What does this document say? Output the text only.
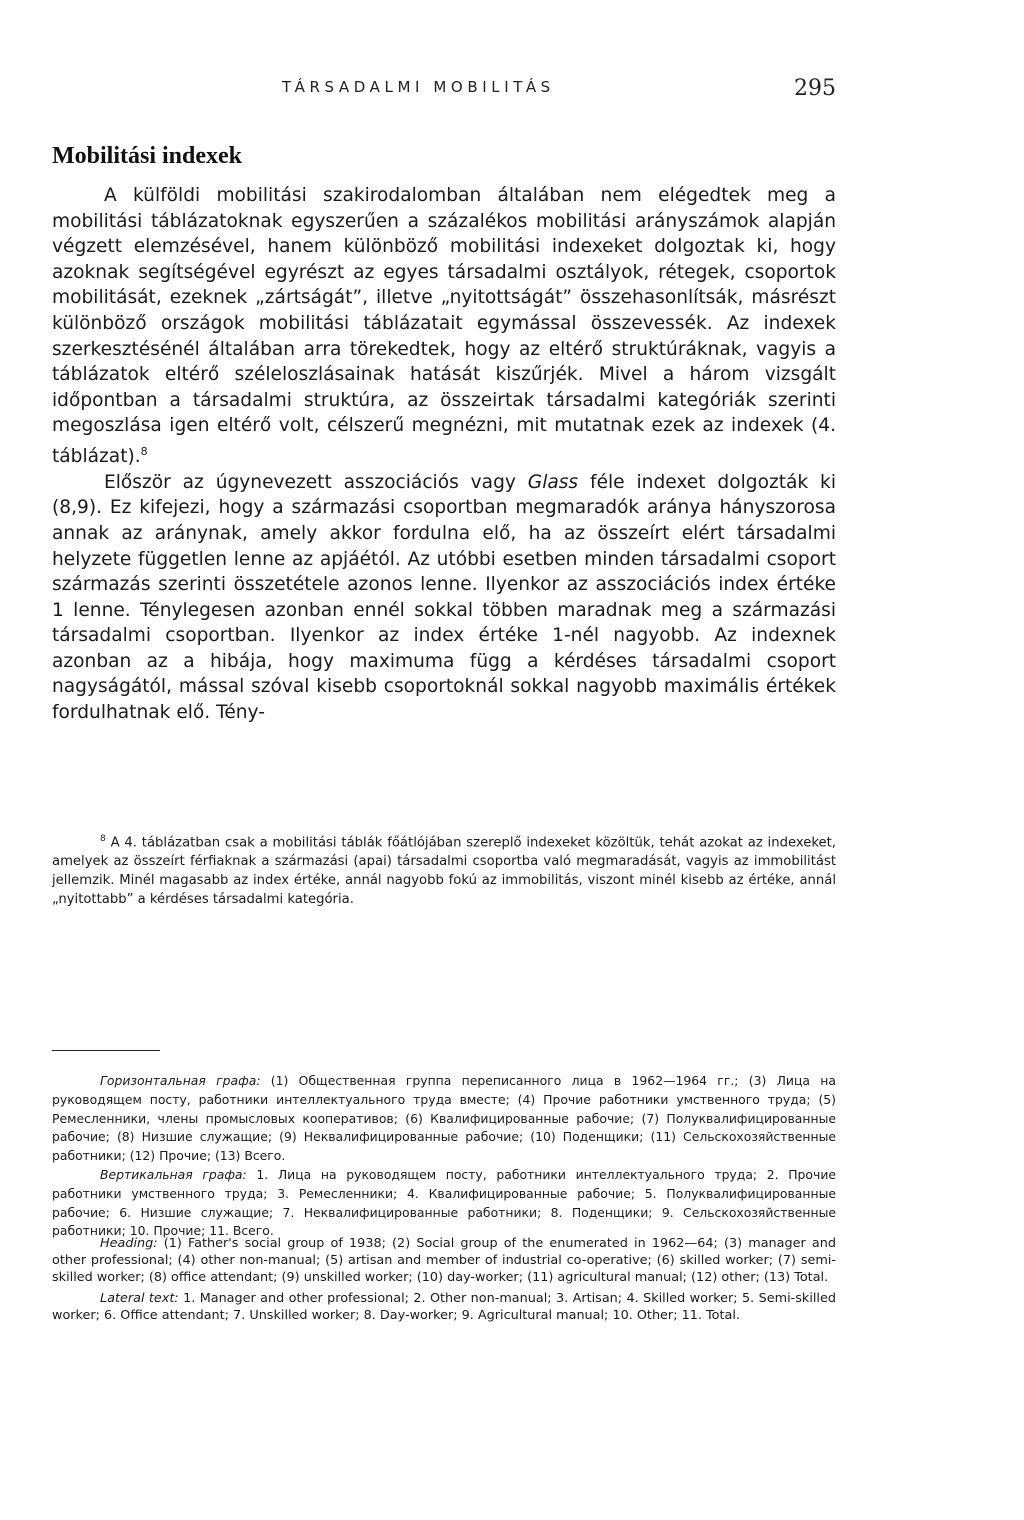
TÁRSADALMI MOBILITÁS	295
Mobilitási indexek

A külföldi mobilitási szakirodalomban általában nem elégedtek meg a mobilitási táblázatoknak egyszerűen a százalékos mobilitási arányszámok alapján végzett elemzésével, hanem különböző mobilitási indexeket dolgoztak ki, hogy azoknak segítségével egyrészt az egyes társadalmi osztályok, rétegek, csoportok mobilitását, ezeknek „zártságát”, illetve „nyitottságát” összehasonlítsák, másrészt különböző országok mobilitási táblázatait egymással összevessék. Az indexek szerkesztésénél általában arra törekedtek, hogy az eltérő struktúráknak, vagyis a táblázatok eltérő széleloszlásainak hatását kiszűrjék. Mivel a három vizsgált időpontban a társadalmi struktúra, az összeirtak társadalmi kategóriák szerinti megoszlása igen eltérő volt, célszerű megnézni, mit mutatnak ezek az indexek (4. táblázat).$^8$

Először az úgynevezett asszociációs vagy Glass féle indexet dolgozták ki (8,9). Ez kifejezi, hogy a származási csoportban megmaradók aránya hányszorosa annak az aránynak, amely akkor fordulna elő, ha az összeírt elért társadalmi helyzete független lenne az apjáétól. Az utóbbi esetben minden társadalmi csoport származás szerinti összetétele azonos lenne. Ilyenkor az asszociációs index értéke 1 lenne. Ténylegesen azonban ennél sokkal többen maradnak meg a származási társadalmi csoportban. Ilyenkor az index értéke 1-nél nagyobb. Az indexnek azonban az a hibája, hogy maximuma függ a kérdéses társadalmi csoport nagyságától, mással szóval kisebb csoportoknál sokkal nagyobb maximális értékek fordulhatnak elő. Tény-

$^8$ A 4. táblázatban csak a mobilitási táblák főátlójában szereplő indexeket közöltük, tehát azokat az indexeket, amelyek az összeírt férfiaknak a származási (apai) társadalmi csoportba való megmaradását, vagyis az immobilitást jellemzik. Minél magasabb az index értéke, annál nagyobb fokú az immobilitás, viszont minél kisebb az értéke, annál „nyitottabb” a kérdéses társadalmi kategória.

Горизонтальная графа: (1) Общественная группа переписанного лица в 1962—1964 гг.; (3) Лица на руководящем посту, работники интеллектуального труда вместе; (4) Прочие работники умственного труда; (5) Ремесленники, члены промысловых кооперативов; (6) Квалифицированные рабочие; (7) Полуквалифицированные рабочие; (8) Низшие служащие; (9) Неквалифицированные рабочие; (10) Поденщики; (11) Сельскохозяйственные работники; (12) Прочие; (13) Всего.

Вертикальная графа: 1. Лица на руководящем посту, работники интеллектуального труда; 2. Прочие работники умственного труда; 3. Ремесленники; 4. Квалифицированные рабочие; 5. Полуквалифицированные рабочие; 6. Низшие служащие; 7. Неквалифицированные работники; 8. Поденщики; 9. Сельскохозяйственные работники; 10. Прочие; 11. Всего.

Heading: (1) Father's social group of 1938; (2) Social group of the enumerated in 1962—64; (3) manager and other professional; (4) other non-manual; (5) artisan and member of industrial co-operative; (6) skilled worker; (7) semi-skilled worker; (8) office attendant; (9) unskilled worker; (10) day-worker; (11) agricultural manual; (12) other; (13) Total.

Lateral text: 1. Manager and other professional; 2. Other non-manual; 3. Artisan; 4. Skilled worker; 5. Semi-skilled worker; 6. Office attendant; 7. Unskilled worker; 8. Day-worker; 9. Agricultural manual; 10. Other; 11. Total.
